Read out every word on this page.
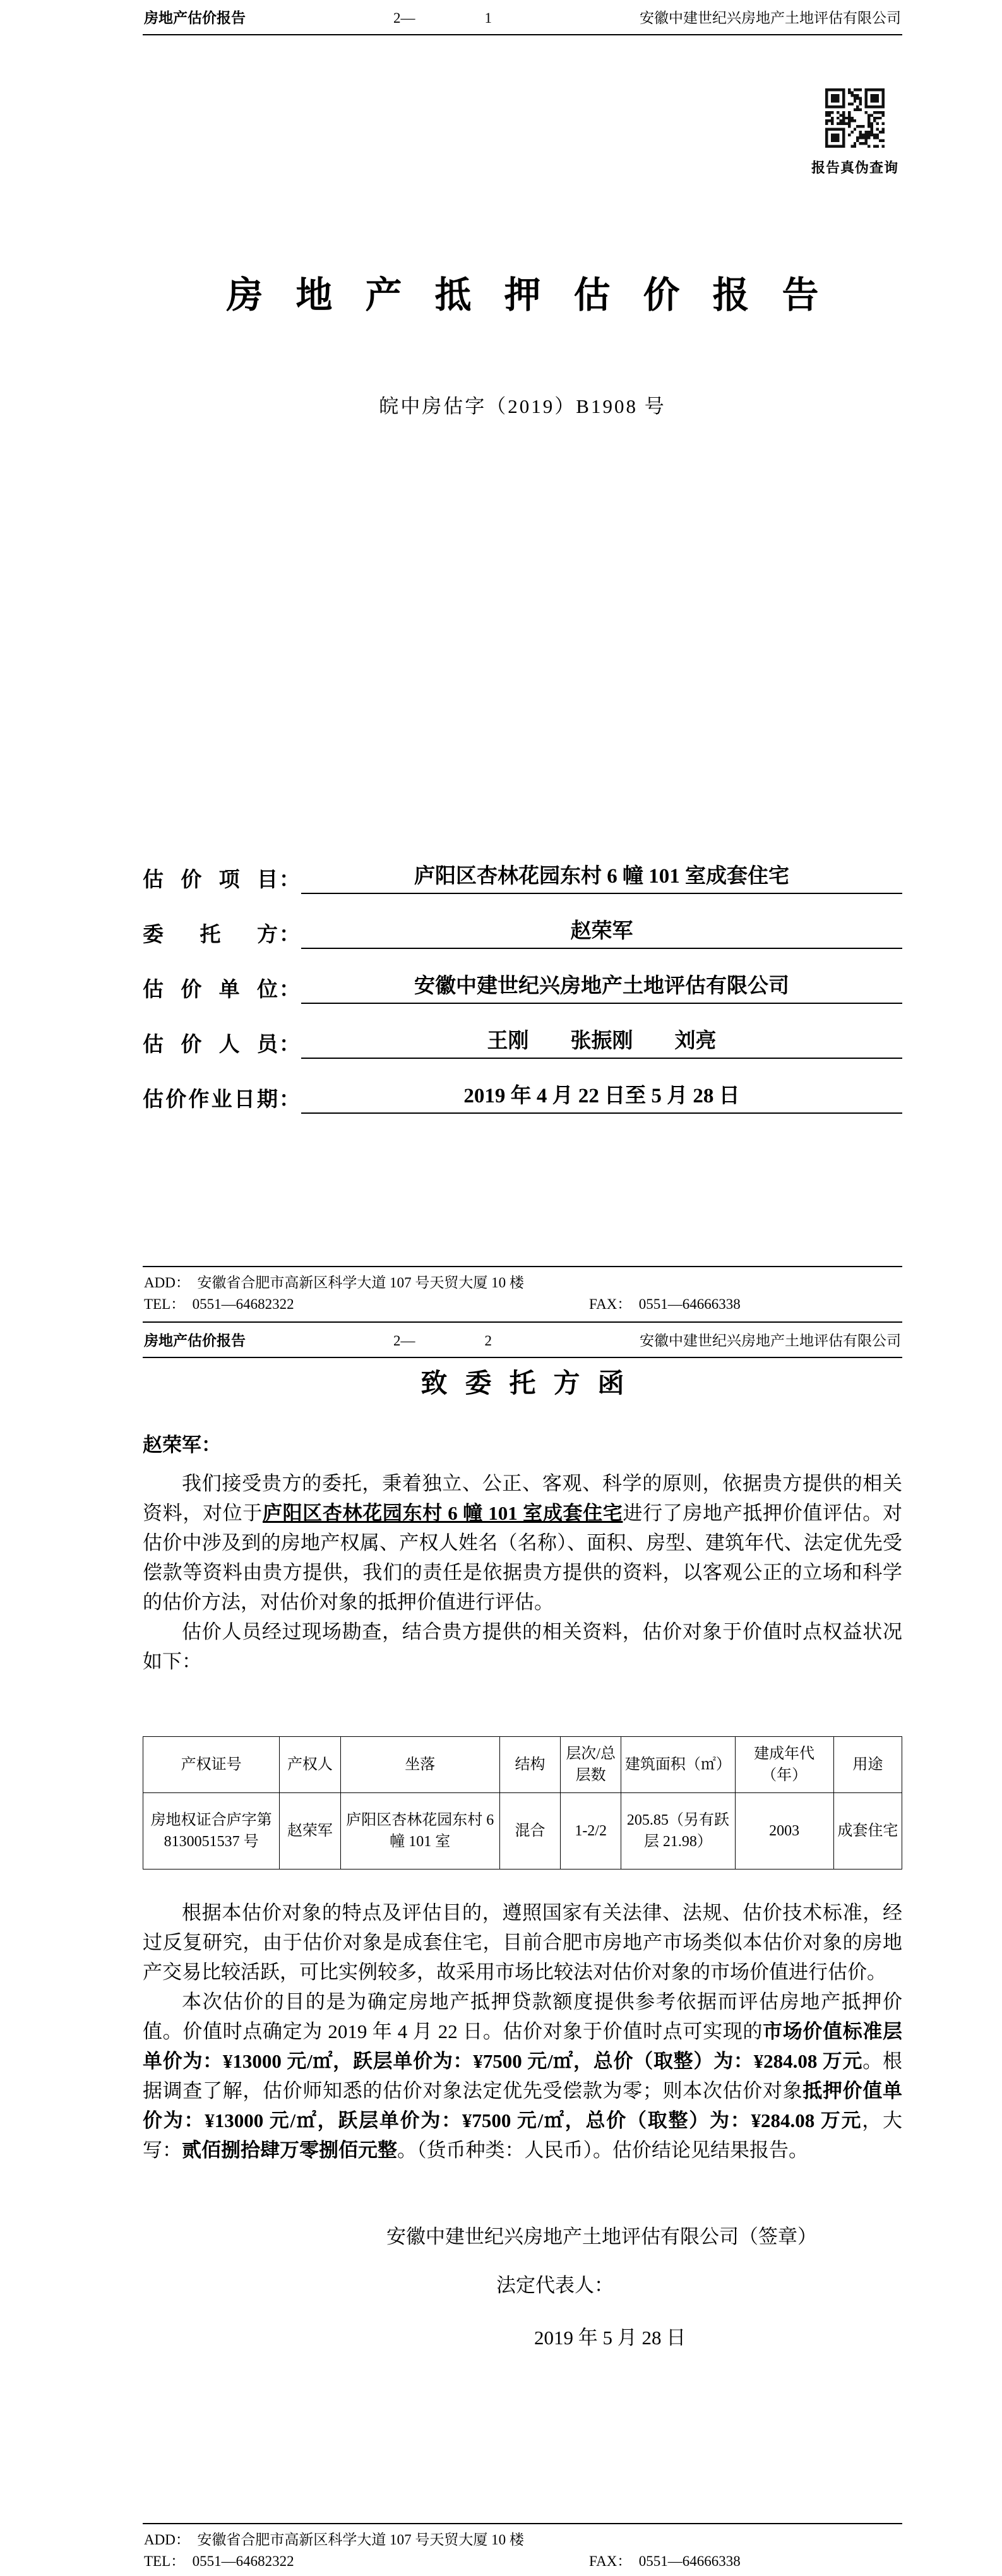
房地产估价报告	2—	1	安徽中建世纪兴房地产土地评估有限公司
报告真伪查询
房地产抵押估价报告
皖中房估字（2019）B1908 号
估 价 项 目 ：	庐阳区杏林花园东村 6 幢 101 室成套住宅
委 托 方 ：	赵荣军
估 价 单 位 ：	安徽中建世纪兴房地产土地评估有限公司
估 价 人 员 ：	王刚　　张振刚　　刘亮
估价作业日期 ：	2019 年 4 月 22 日至 5 月 28 日
ADD：　安徽省合肥市高新区科学大道 107 号天贸大厦 10 楼
TEL：　0551—64682322	FAX：　0551—64666338
房地产估价报告	2—	2	安徽中建世纪兴房地产土地评估有限公司
致委托方函
赵荣军：

我们接受贵方的委托，秉着独立、公正、客观、科学的原则，依据贵方提供的相关资料，对位于庐阳区杏林花园东村 6 幢 101 室成套住宅进行了房地产抵押价值评估。对估价中涉及到的房地产权属、产权人姓名（名称）、面积、房型、建筑年代、法定优先受偿款等资料由贵方提供，我们的责任是依据贵方提供的资料，以客观公正的立场和科学的估价方法，对估价对象的抵押价值进行评估。

估价人员经过现场勘查，结合贵方提供的相关资料，估价对象于价值时点权益状况如下：

产权证号	产权人	坐落	结构	层次/总层数	建筑面积（㎡）	建成年代（年）	用途
房地权证合庐字第 8130051537 号	赵荣军	庐阳区杏林花园东村 6 幢 101 室	混合	1-2/2	205.85（另有跃层 21.98）	2003	成套住宅

根据本估价对象的特点及评估目的，遵照国家有关法律、法规、估价技术标准，经过反复研究，由于估价对象是成套住宅，目前合肥市房地产市场类似本估价对象的房地产交易比较活跃，可比实例较多，故采用市场比较法对估价对象的市场价值进行估价。

本次估价的目的是为确定房地产抵押贷款额度提供参考依据而评估房地产抵押价值。价值时点确定为 2019 年 4 月 22 日。估价对象于价值时点可实现的市场价值标准层单价为：¥13000 元/㎡，跃层单价为：¥7500 元/㎡，总价（取整）为：¥284.08 万元。根据调查了解，估价师知悉的估价对象法定优先受偿款为零；则本次估价对象抵押价值单价为：¥13000 元/㎡，跃层单价为：¥7500 元/㎡，总价（取整）为：¥284.08 万元，大写：贰佰捌拾肆万零捌佰元整。（货币种类：人民币）。估价结论见结果报告。

安徽中建世纪兴房地产土地评估有限公司（签章）
法定代表人：
2019 年 5 月 28 日
ADD：　安徽省合肥市高新区科学大道 107 号天贸大厦 10 楼
TEL：　0551—64682322	FAX：　0551—64666338
